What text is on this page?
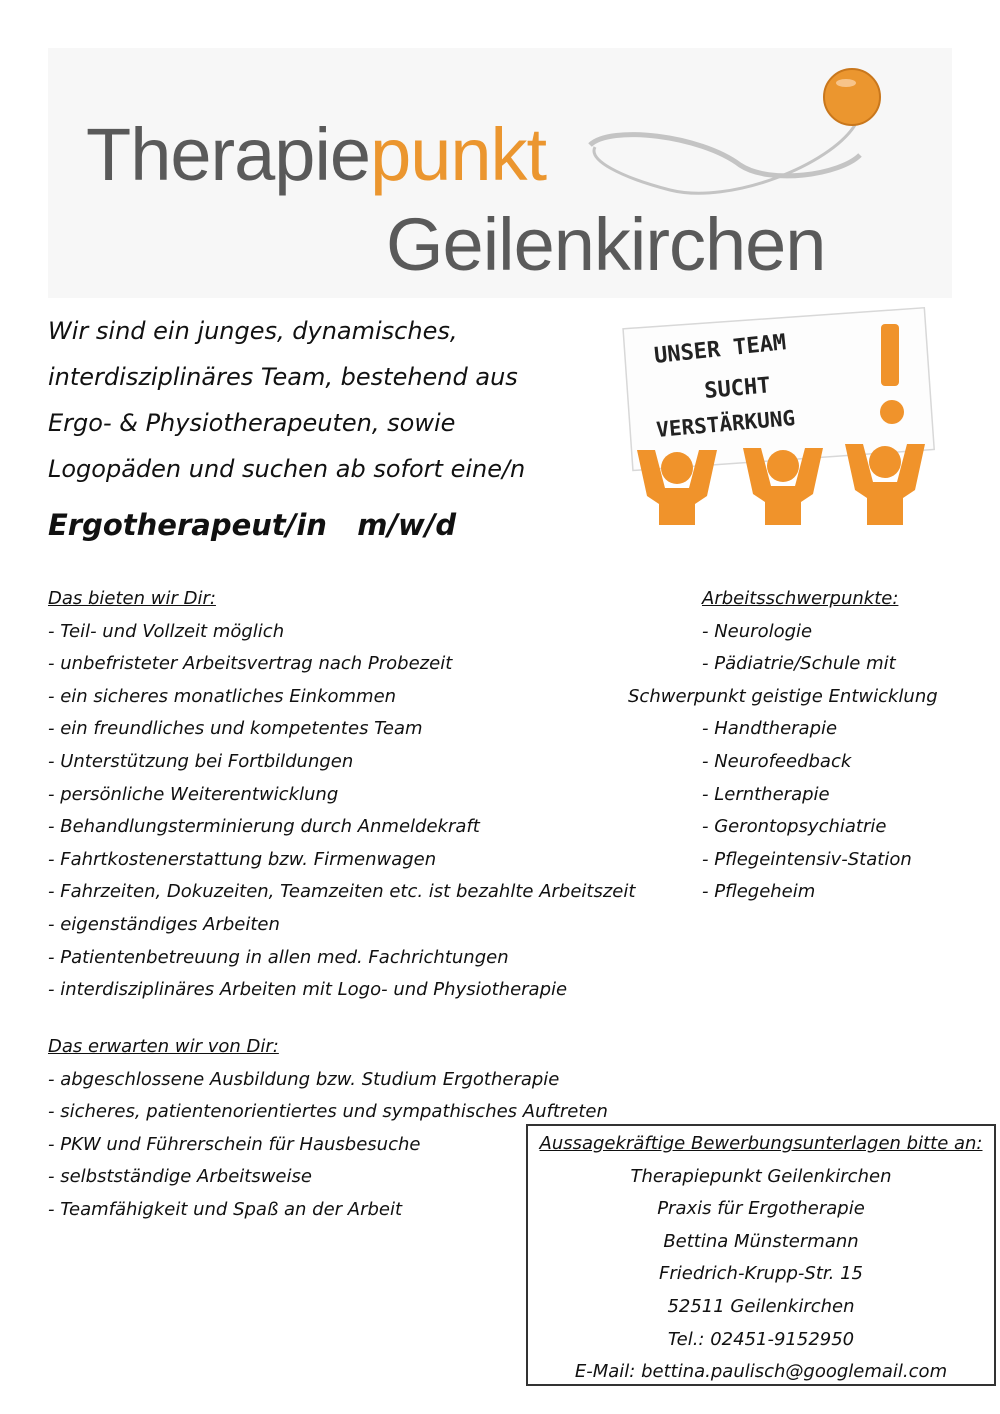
Therapiepunkt
Geilenkirchen
Wir sind ein junges, dynamisches,
interdisziplinäres Team, bestehend aus
Ergo- & Physiotherapeuten, sowie
Logopäden und suchen ab sofort eine/n
Ergotherapeut/in   m/w/d
UNSER TEAM
SUCHT
VERSTÄRKUNG
Das bieten wir Dir:
- Teil- und Vollzeit möglich
- unbefristeter Arbeitsvertrag nach Probezeit
- ein sicheres monatliches Einkommen
- ein freundliches und kompetentes Team
- Unterstützung bei Fortbildungen
- persönliche Weiterentwicklung
- Behandlungsterminierung durch Anmeldekraft
- Fahrtkostenerstattung bzw. Firmenwagen
- Fahrzeiten, Dokuzeiten, Teamzeiten etc. ist bezahlte Arbeitszeit
- eigenständiges Arbeiten
- Patientenbetreuung in allen med. Fachrichtungen
- interdisziplinäres Arbeiten mit Logo- und Physiotherapie
Arbeitsschwerpunkte:
- Neurologie
- Pädiatrie/Schule mit
Schwerpunkt geistige Entwicklung
- Handtherapie
- Neurofeedback
- Lerntherapie
- Gerontopsychiatrie
- Pflegeintensiv-Station
- Pflegeheim
Das erwarten wir von Dir:
- abgeschlossene Ausbildung bzw. Studium Ergotherapie
- sicheres, patientenorientiertes und sympathisches Auftreten
- PKW und Führerschein für Hausbesuche
- selbstständige Arbeitsweise
- Teamfähigkeit und Spaß an der Arbeit
Aussagekräftige Bewerbungsunterlagen bitte an:
Therapiepunkt Geilenkirchen
Praxis für Ergotherapie
Bettina Münstermann
Friedrich-Krupp-Str. 15
52511 Geilenkirchen
Tel.: 02451-9152950
E-Mail: bettina.paulisch@googlemail.com
